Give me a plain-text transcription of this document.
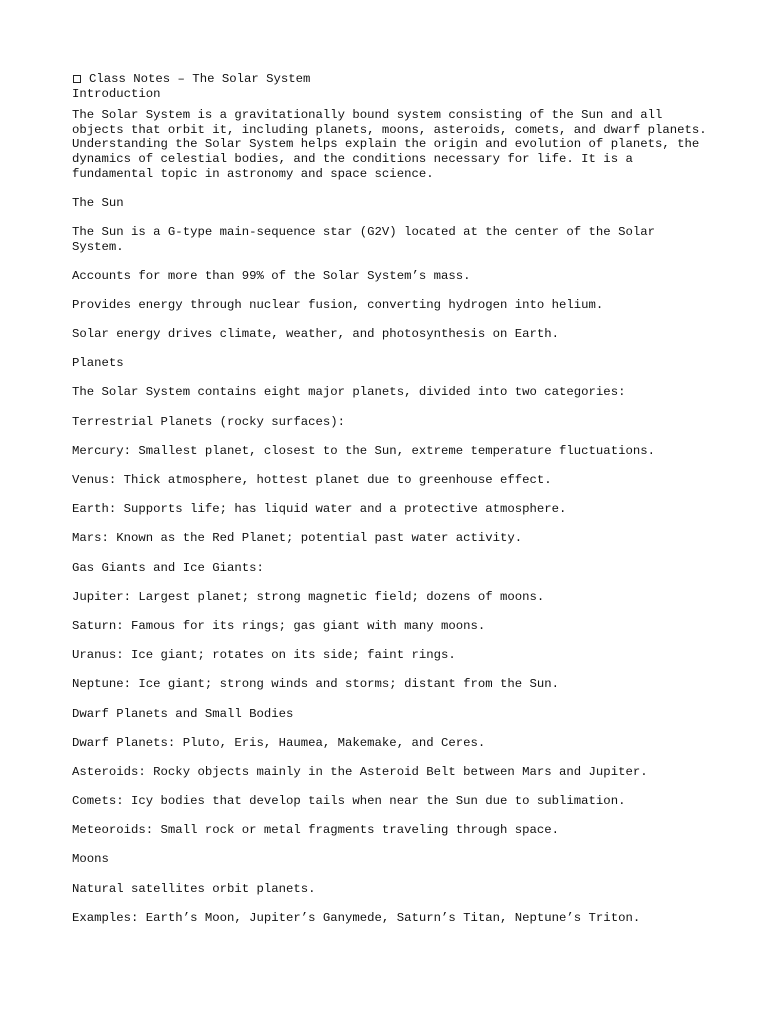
Class Notes – The Solar System

Introduction

The Solar System is a gravitationally bound system consisting of the Sun and all objects that orbit it, including planets, moons, asteroids, comets, and dwarf planets. Understanding the Solar System helps explain the origin and evolution of planets, the dynamics of celestial bodies, and the conditions necessary for life. It is a fundamental topic in astronomy and space science.

The Sun

The Sun is a G-type main-sequence star (G2V) located at the center of the Solar System.

Accounts for more than 99% of the Solar System’s mass.

Provides energy through nuclear fusion, converting hydrogen into helium.

Solar energy drives climate, weather, and photosynthesis on Earth.

Planets

The Solar System contains eight major planets, divided into two categories:

Terrestrial Planets (rocky surfaces):

Mercury: Smallest planet, closest to the Sun, extreme temperature fluctuations.

Venus: Thick atmosphere, hottest planet due to greenhouse effect.

Earth: Supports life; has liquid water and a protective atmosphere.

Mars: Known as the Red Planet; potential past water activity.

Gas Giants and Ice Giants:

Jupiter: Largest planet; strong magnetic field; dozens of moons.

Saturn: Famous for its rings; gas giant with many moons.

Uranus: Ice giant; rotates on its side; faint rings.

Neptune: Ice giant; strong winds and storms; distant from the Sun.

Dwarf Planets and Small Bodies

Dwarf Planets: Pluto, Eris, Haumea, Makemake, and Ceres.

Asteroids: Rocky objects mainly in the Asteroid Belt between Mars and Jupiter.

Comets: Icy bodies that develop tails when near the Sun due to sublimation.

Meteoroids: Small rock or metal fragments traveling through space.

Moons

Natural satellites orbit planets.

Examples: Earth’s Moon, Jupiter’s Ganymede, Saturn’s Titan, Neptune’s Triton.
